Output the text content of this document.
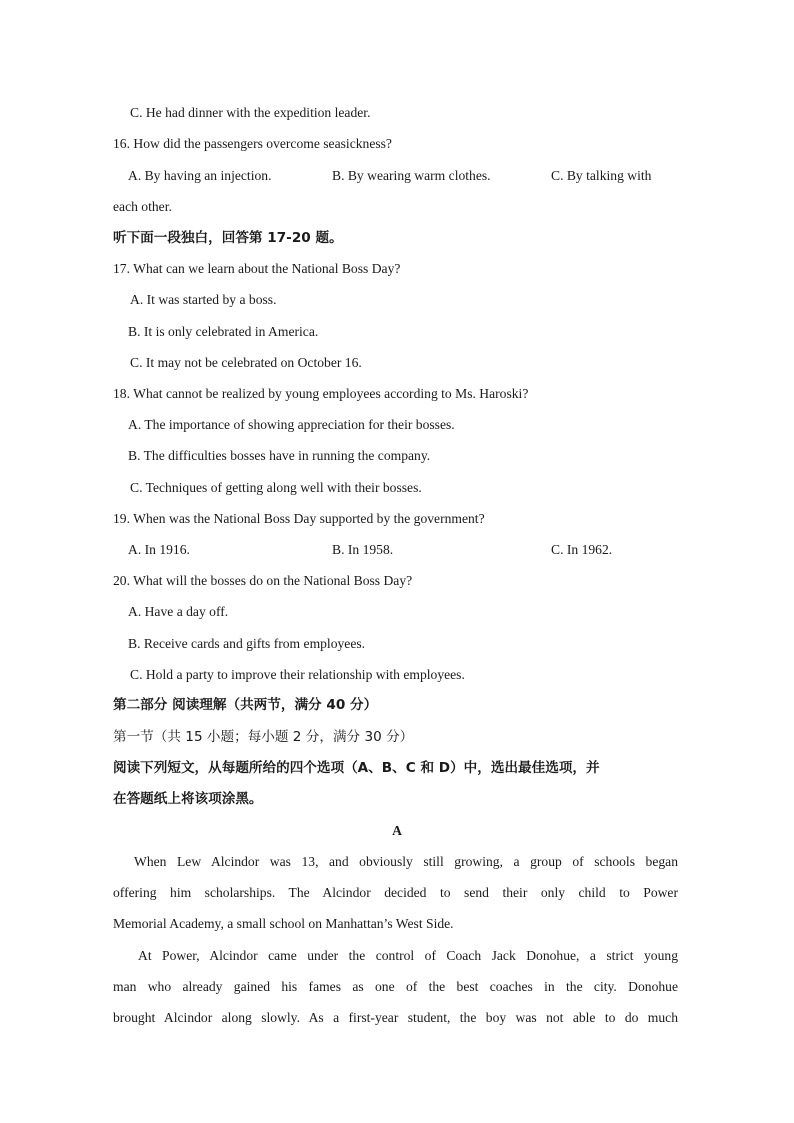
C. He had dinner with the expedition leader.
16. How did the passengers overcome seasickness?
A. By having an injection.	B. By wearing warm clothes.	C. By talking with
each other.
听下面一段独白，回答第 17-20 题。
17. What can we learn about the National Boss Day?
A. It was started by a boss.
B. It is only celebrated in America.
C. It may not be celebrated on October 16.
18. What cannot be realized by young employees according to Ms. Haroski?
A. The importance of showing appreciation for their bosses.
B. The difficulties bosses have in running the company.
C. Techniques of getting along well with their bosses.
19. When was the National Boss Day supported by the government?
A. In 1916.	B. In 1958.	C. In 1962.
20. What will the bosses do on the National Boss Day?
A. Have a day off.
B. Receive cards and gifts from employees.
C. Hold a party to improve their relationship with employees.
第二部分 阅读理解（共两节，满分 40 分）
第一节（共 15 小题；每小题 2 分，满分 30 分）
阅读下列短文，从每题所给的四个选项（A、B、C 和 D）中，选出最佳选项，并
在答题纸上将该项涂黑。
A
When Lew Alcindor was 13, and obviously still growing, a group of schools began
offering him scholarships. The Alcindor decided to send their only child to Power
Memorial Academy, a small school on Manhattan’s West Side.
At Power, Alcindor came under the control of Coach Jack Donohue, a strict young
man who already gained his fames as one of the best coaches in the city. Donohue
brought Alcindor along slowly. As a first-year student, the boy was not able to do much
